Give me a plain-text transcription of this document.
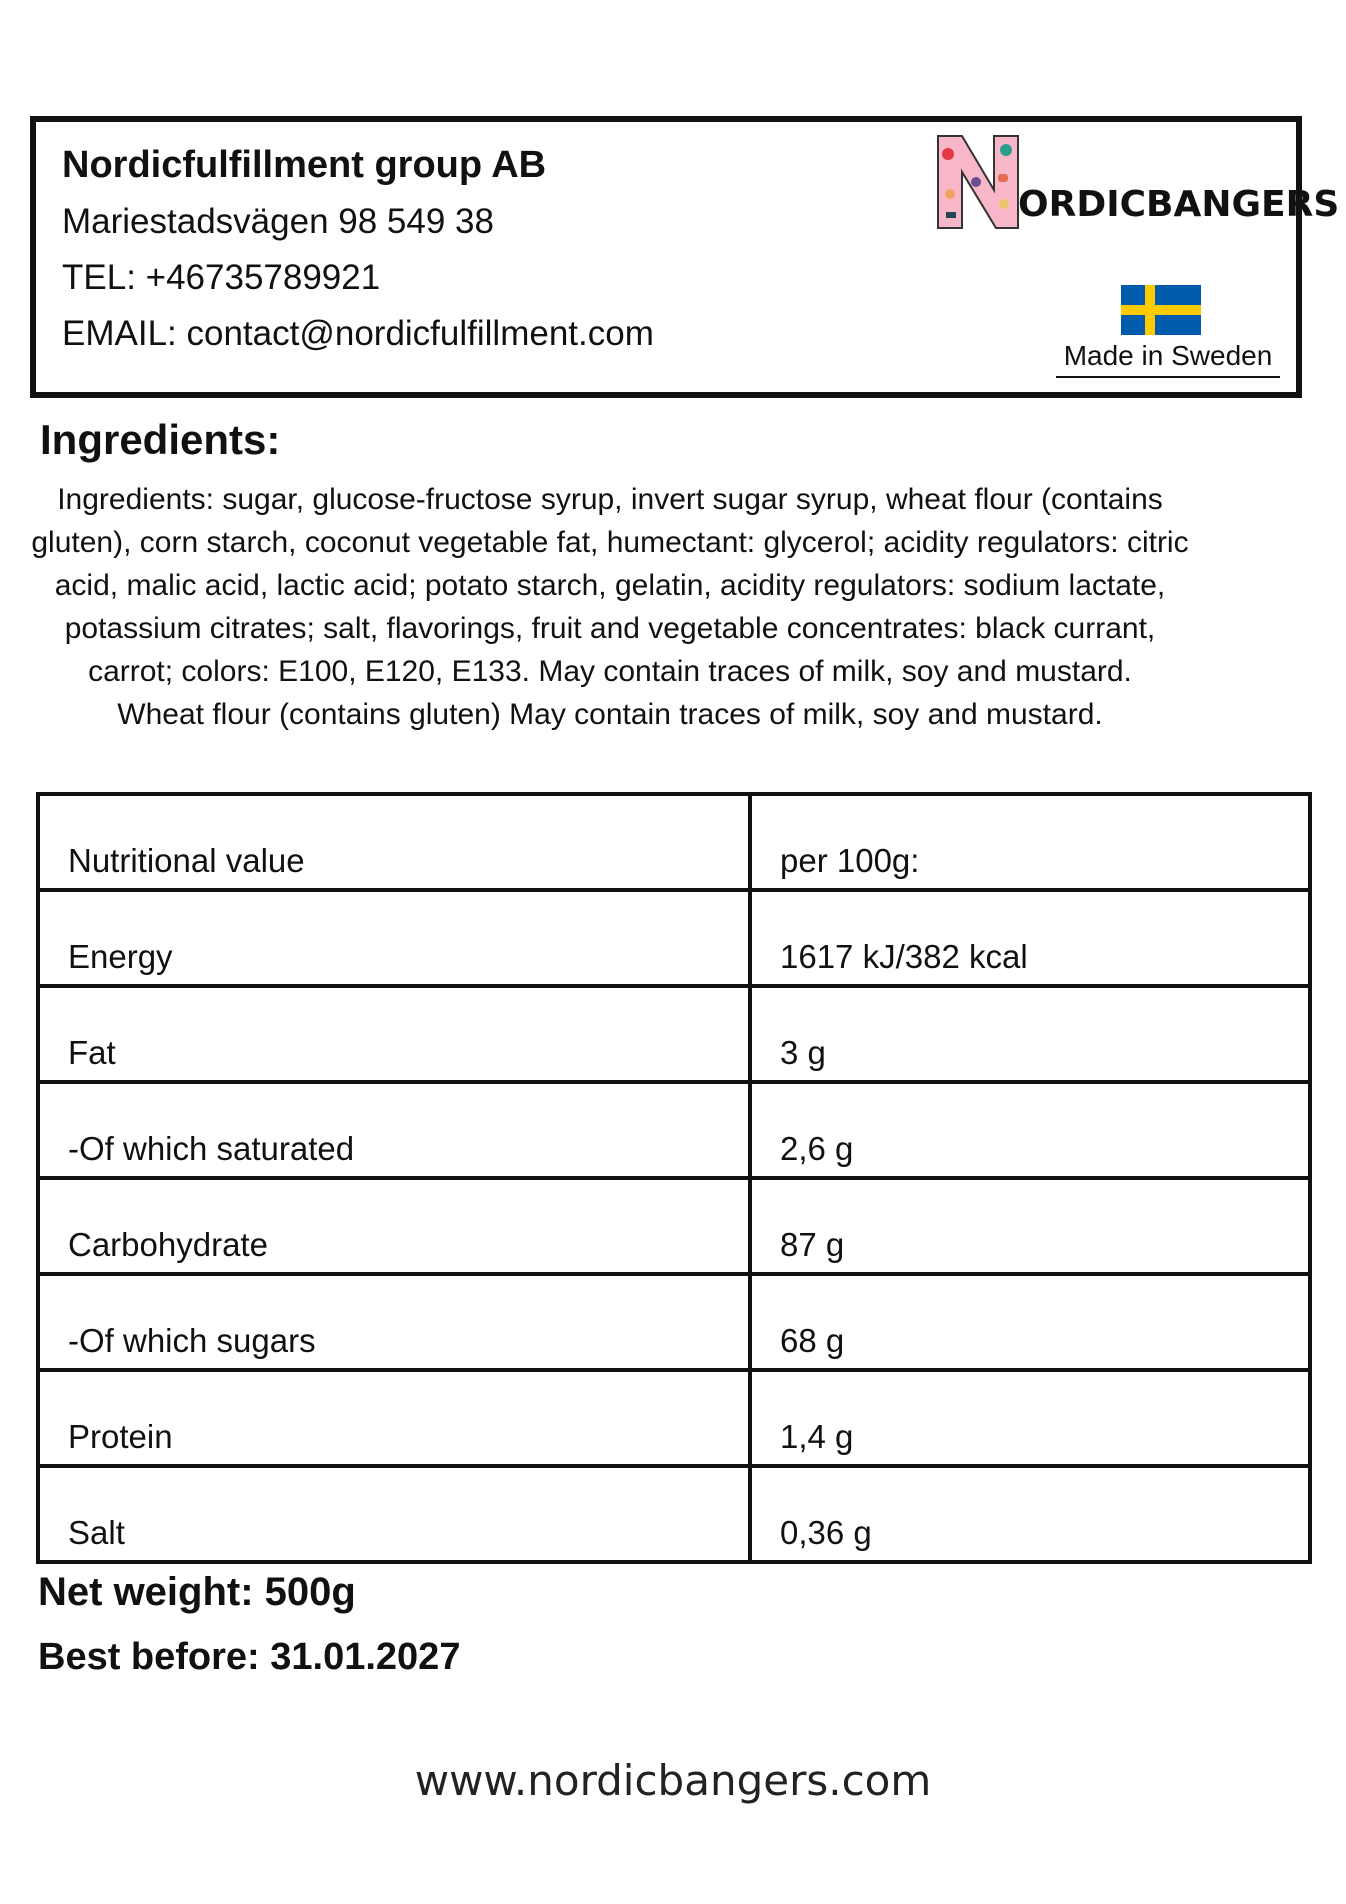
Nordicfulfillment group AB
Mariestadsvägen 98 549 38
TEL: +46735789921
EMAIL: contact@nordicfulfillment.com
ORDICBANGERS
Made in Sweden
Ingredients:
Ingredients: sugar, glucose-fructose syrup, invert sugar syrup, wheat flour (contains gluten), corn starch, coconut vegetable fat, humectant: glycerol; acidity regulators: citric acid, malic acid, lactic acid; potato starch, gelatin, acidity regulators: sodium lactate, potassium citrates; salt, flavorings, fruit and vegetable concentrates: black currant, carrot; colors: E100, E120, E133. May contain traces of milk, soy and mustard.
Wheat flour (contains gluten) May contain traces of milk, soy and mustard.
Nutritional value	per 100g:
Energy	1617 kJ/382 kcal
Fat	3 g
-Of which saturated	2,6 g
Carbohydrate	87 g
-Of which sugars	68 g
Protein	1,4 g
Salt	0,36 g
Net weight: 500g
Best before: 31.01.2027
www.nordicbangers.com
